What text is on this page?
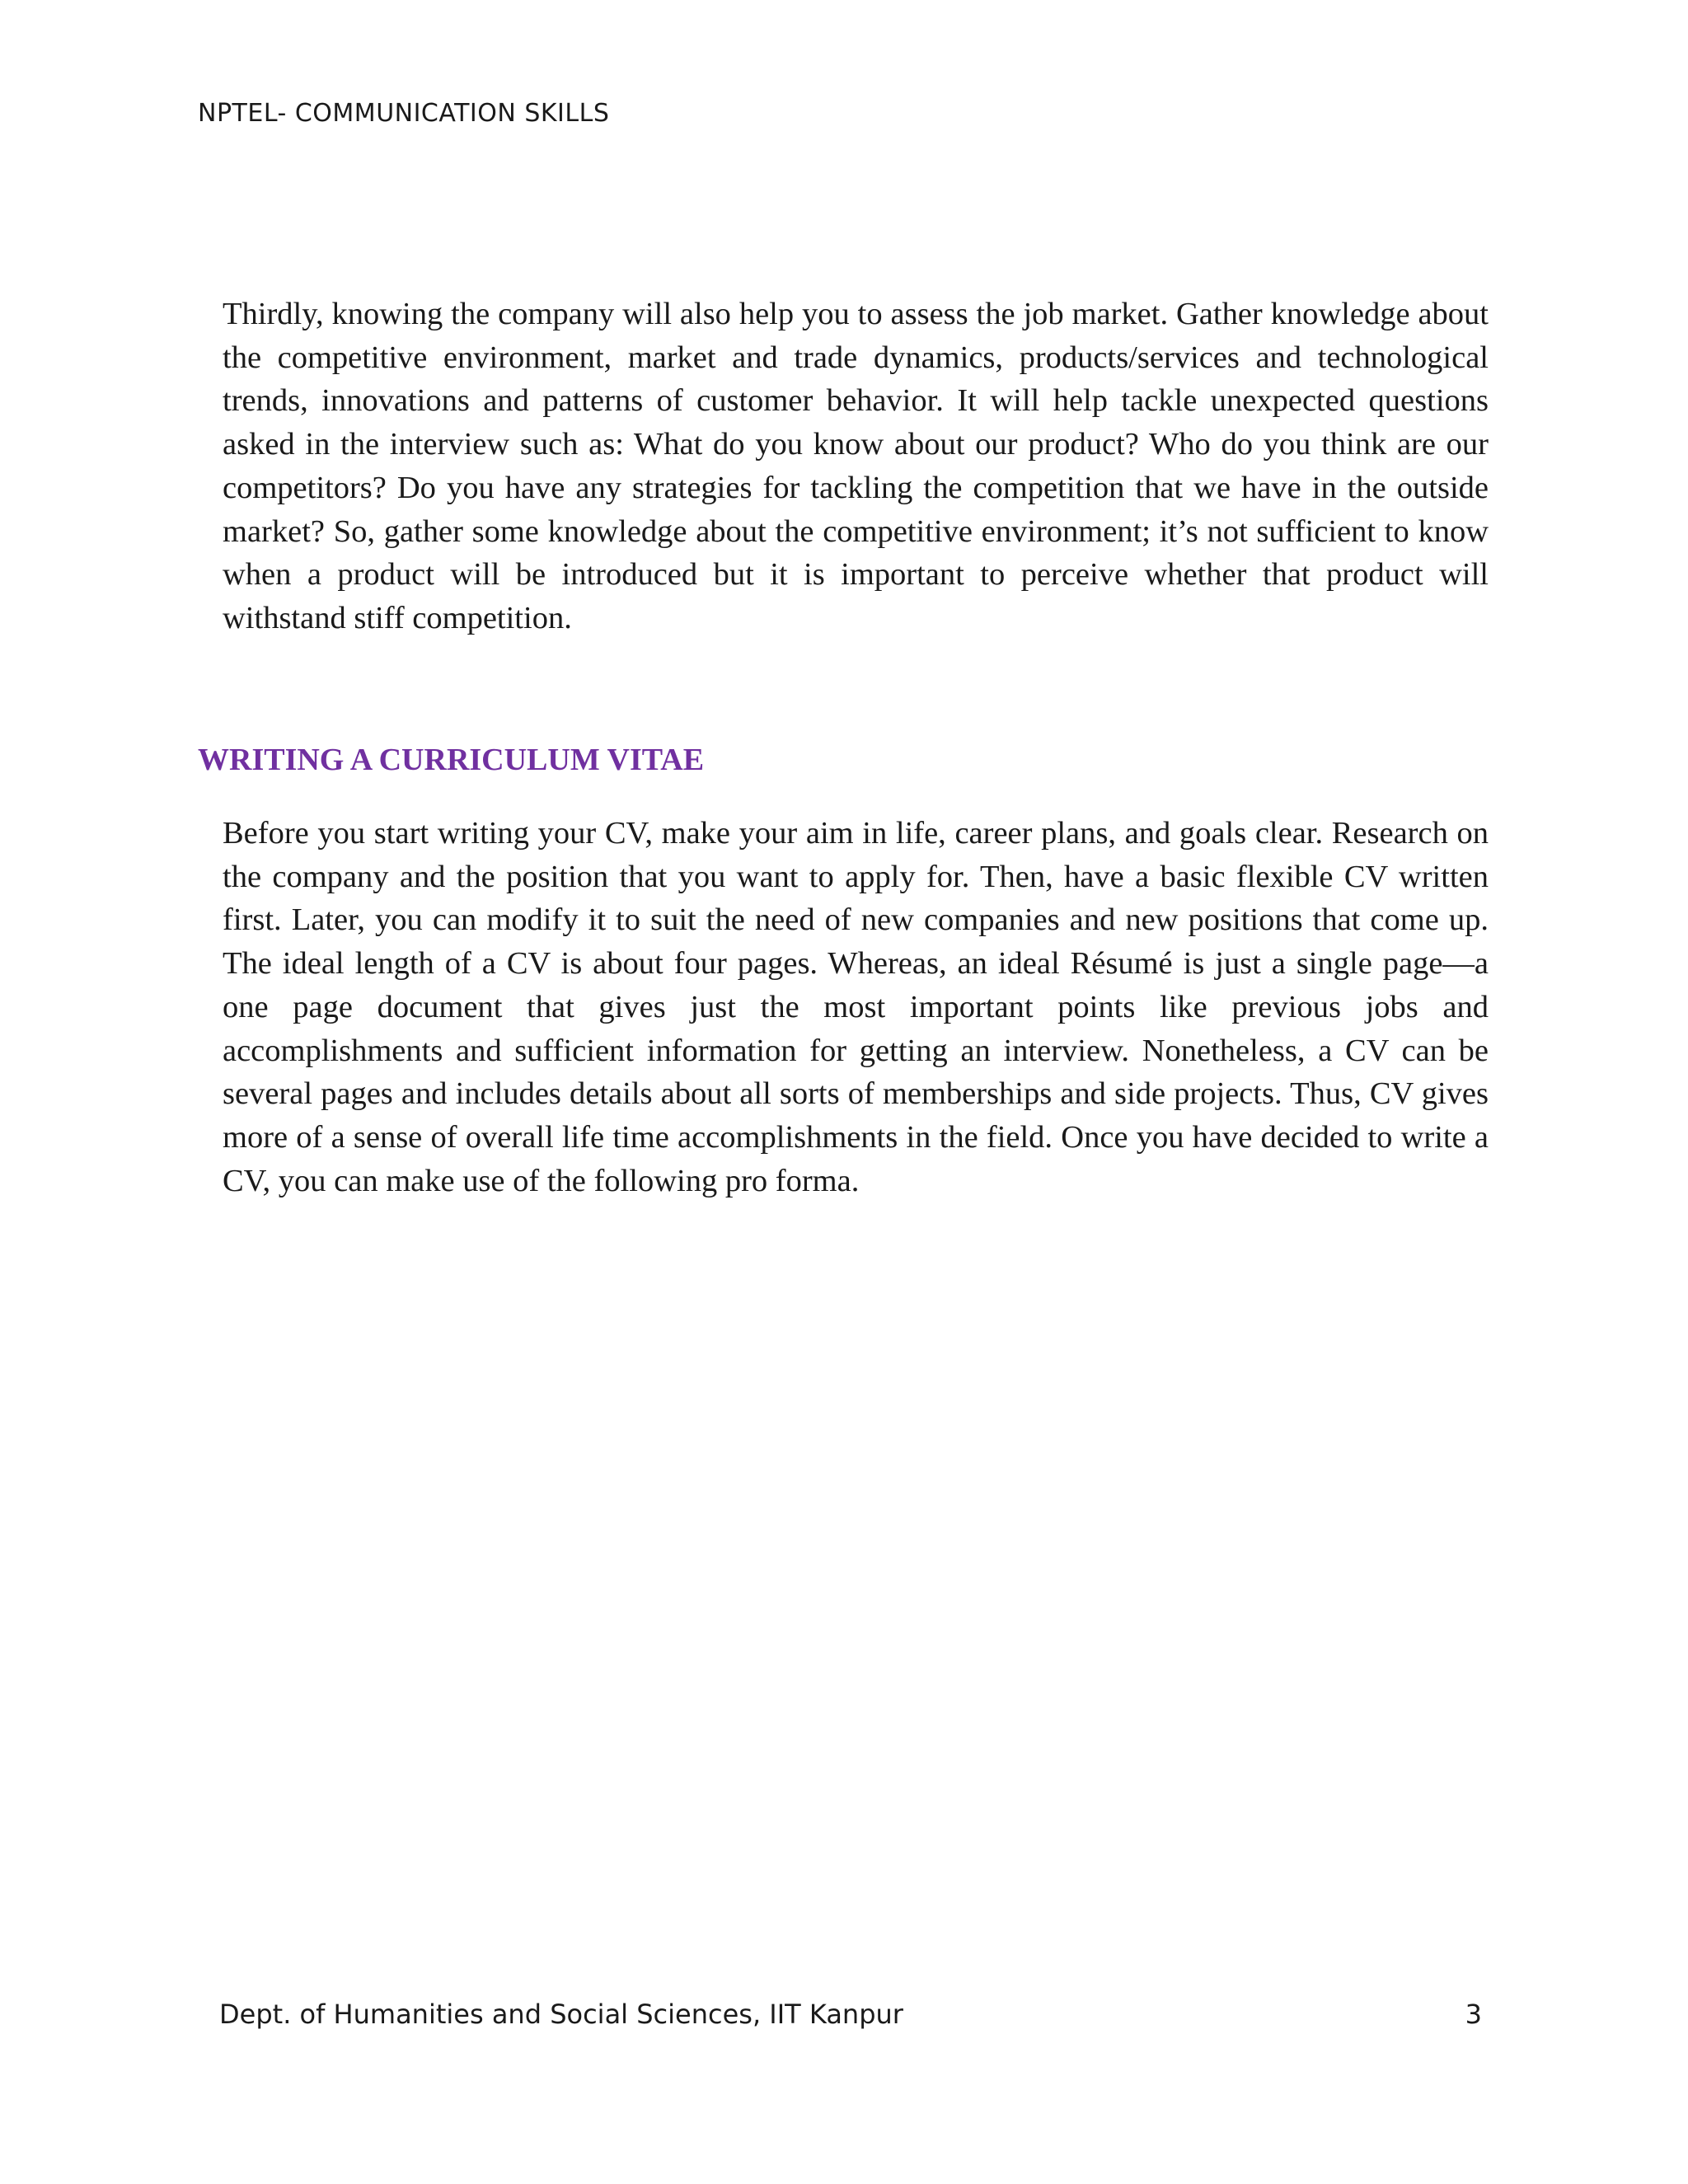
NPTEL- COMMUNICATION SKILLS

Thirdly, knowing the company will also help you to assess the job market. Gather knowledge about the competitive environment, market and trade dynamics, products/services and technological trends, innovations and patterns of customer behavior. It will help tackle unexpected questions asked in the interview such as: What do you know about our product? Who do you think are our competitors? Do you have any strategies for tackling the competition that we have in the outside market? So, gather some knowledge about the competitive environment; it’s not sufficient to know when a product will be introduced but it is important to perceive whether that product will withstand stiff competition.

WRITING A CURRICULUM VITAE

Before you start writing your CV, make your aim in life, career plans, and goals clear. Research on the company and the position that you want to apply for. Then, have a basic flexible CV written first. Later, you can modify it to suit the need of new companies and new positions that come up. The ideal length of a CV is about four pages. Whereas, an ideal Résumé is just a single page—a one page document that gives just the most important points like previous jobs and accomplishments and sufficient information for getting an interview. Nonetheless, a CV can be several pages and includes details about all sorts of memberships and side projects. Thus, CV gives more of a sense of overall life time accomplishments in the field. Once you have decided to write a CV, you can make use of the following pro forma.

Dept. of Humanities and Social Sciences, IIT Kanpur	3
